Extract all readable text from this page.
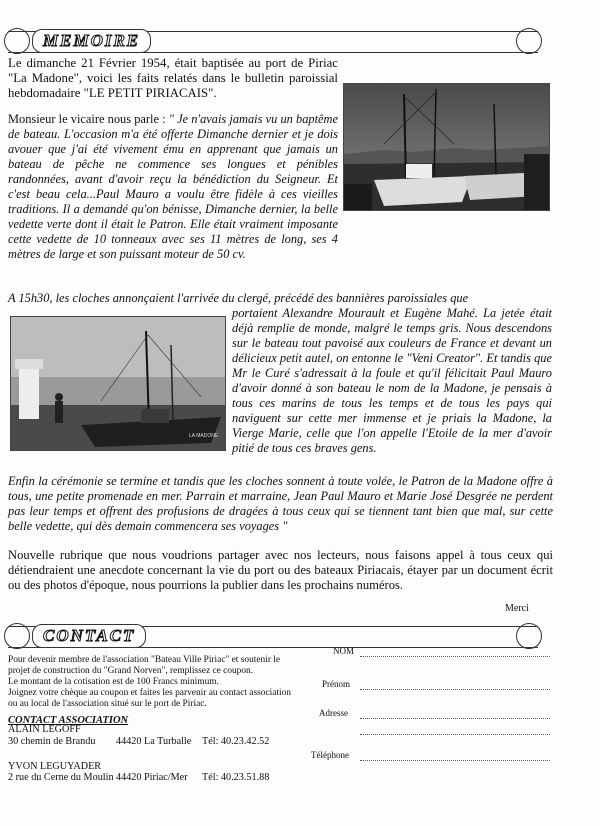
MEMOIRE

Le dimanche 21 Février 1954, était baptisée au port de Piriac "La Madone", voici les faits relatés dans le bulletin paroissial hebdomadaire "LE PETIT PIRIACAIS".

Monsieur le vicaire nous parle : " Je n'avais jamais vu un baptême de bateau. L'occasion m'a été offerte Dimanche dernier et je dois avouer que j'ai été vivement ému en apprenant que jamais un bateau de pêche ne commence ses longues et pénibles randonnées, avant d'avoir reçu la bénédiction du Seigneur. Et c'est beau cela...Paul Mauro a voulu être fidèle à ces vieilles traditions. Il a demandé qu'on bénisse, Dimanche dernier, la belle vedette verte dont il était le Patron. Elle était vraiment imposante cette vedette de 10 tonneaux avec ses 11 mètres de long, ses 4 mètres de large et son puissant moteur de 50 cv.

A 15h30, les cloches annonçaient l'arrivée du clergé, précédé des bannières paroissiales que

LA MADONE

portaient Alexandre Mourault et Eugène Mahé. La jetée était déjà remplie de monde, malgré le temps gris. Nous descendons sur le bateau tout pavoisé aux couleurs de France et devant un délicieux petit autel, on entonne le "Veni Creator". Et tandis que Mr le Curé s'adressait à la foule et qu'il félicitait Paul Mauro d'avoir donné à son bateau le nom de la Madone, je pensais à tous ces marins de tous les temps et de tous les pays qui naviguent sur cette mer immense et je priais la Madone, la Vierge Marie, celle que l'on appelle l'Etoile de la mer d'avoir pitié de tous ces braves gens.

Enfin la cérémonie se termine et tandis que les cloches sonnent à toute volée, le Patron de la Madone offre à tous, une petite promenade en mer. Parrain et marraine, Jean Paul Mauro et Marie José Desgrée ne perdent pas leur temps et offrent des profusions de dragées à tous ceux qui se tiennent tant bien que mal, sur cette belle vedette, qui dès demain commencera ses voyages "

Nouvelle rubrique que nous voudrions partager avec nos lecteurs, nous faisons appel à tous ceux qui détiendraient une anecdote concernant la vie du port ou des bateaux Piriacais, étayer par un document écrit ou des photos d'époque, nous pourrions la publier dans les prochains numéros.

Merci
CONTACT

Pour devenir membre de l'association "Bateau Ville Piriac" et soutenir le projet de construction du "Grand Norven", remplissez ce coupon.

Le montant de la cotisation est de 100 Francs minimum.

Joignez votre chèque au coupon et faites les parvenir au contact association ou au local de l'association situé sur le port de Piriac.

CONTACT ASSOCIATION
ALAIN LEGOFF
30 chemin de Brandu 44420 La Turballe Tél: 40.23.42.52
YVON LEGUYADER
2 rue du Cerne du Moulin 44420 Piriac/Mer Tél: 40.23.51.88
NOM
Prénom
Adresse
Téléphone
